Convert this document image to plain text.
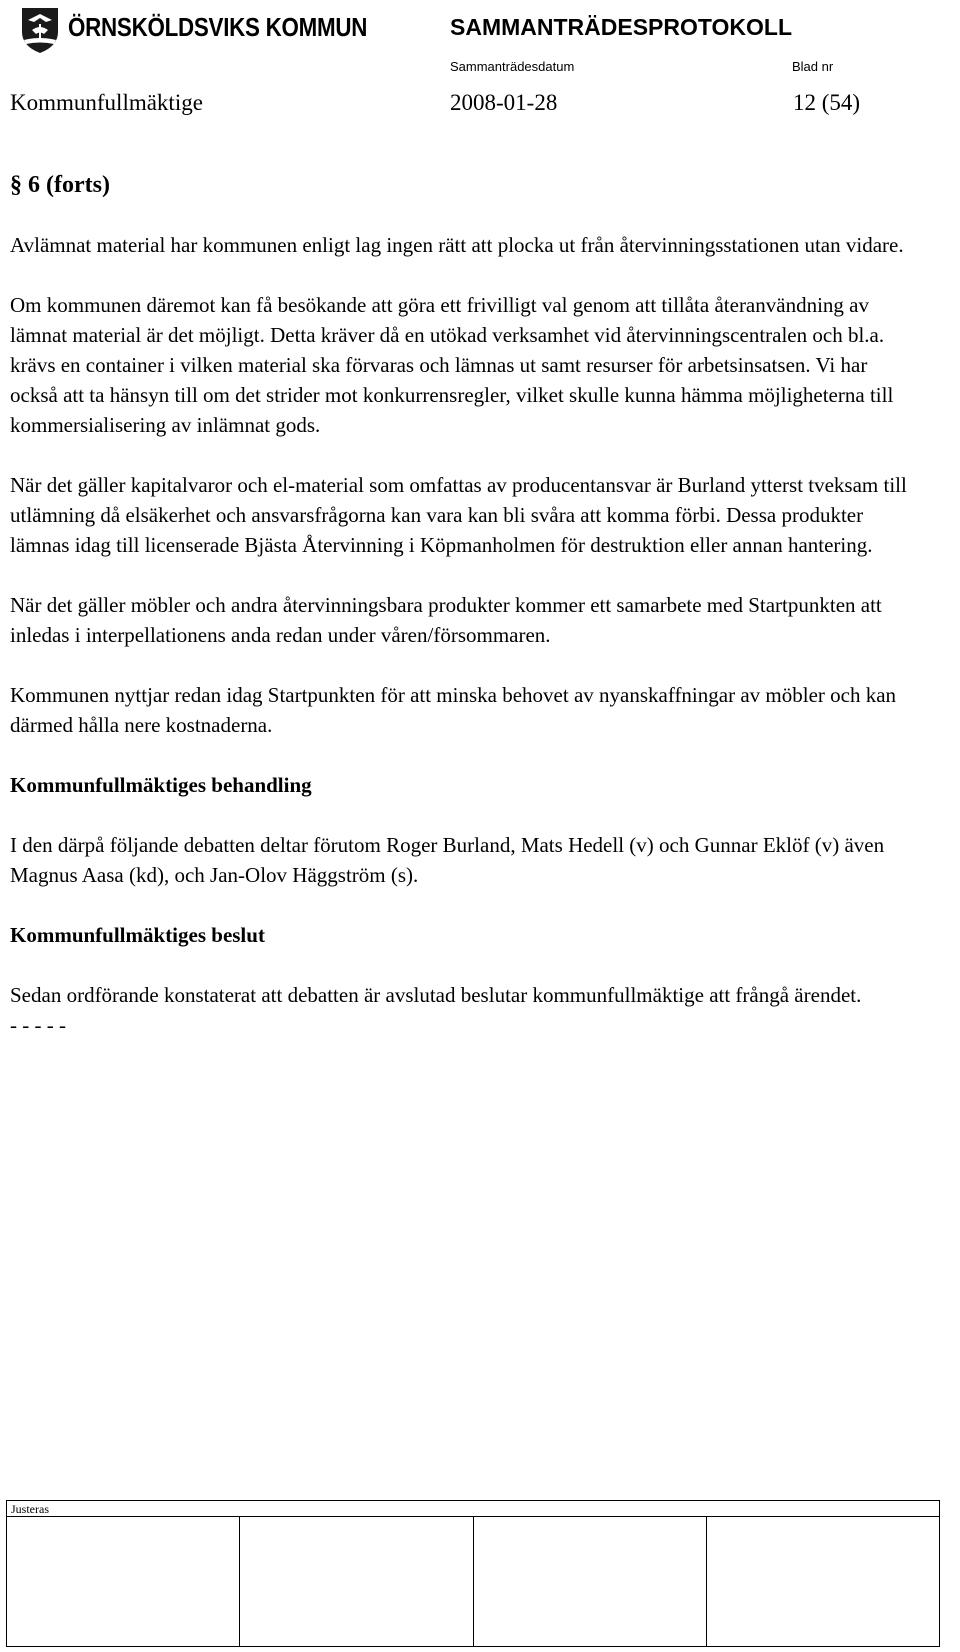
ÖRNSKÖLDSVIKS KOMMUN	SAMMANTRÄDESPROTOKOLL
Sammanträdesdatum	Blad nr
Kommunfullmäktige	2008-01-28	12 (54)
§ 6 (forts)

Avlämnat material har kommunen enligt lag ingen rätt att plocka ut från återvinningsstationen utan vidare.

Om kommunen däremot kan få besökande att göra ett frivilligt val genom att tillåta återanvändning av lämnat material är det möjligt. Detta kräver då en utökad verksamhet vid återvinningscentralen och bl.a. krävs en container i vilken material ska förvaras och lämnas ut samt resurser för arbetsinsatsen. Vi har också att ta hänsyn till om det strider mot konkurrensregler, vilket skulle kunna hämma möjligheterna till kommersialisering av inlämnat gods.

När det gäller kapitalvaror och el-material som omfattas av producentansvar är Burland ytterst tveksam till utlämning då elsäkerhet och ansvarsfrågorna kan vara kan bli svåra att komma förbi. Dessa produkter lämnas idag till licenserade Bjästa Återvinning i Köpmanholmen för destruktion eller annan hantering.

När det gäller möbler och andra återvinningsbara produkter kommer ett samarbete med Startpunkten att inledas i interpellationens anda redan under våren/försommaren.

Kommunen nyttjar redan idag Startpunkten för att minska behovet av nyanskaffningar av möbler och kan därmed hålla nere kostnaderna.

Kommunfullmäktiges behandling

I den därpå följande debatten deltar förutom Roger Burland, Mats Hedell (v) och Gunnar Eklöf (v) även Magnus Aasa (kd), och Jan-Olov Häggström (s).

Kommunfullmäktiges beslut

Sedan ordförande konstaterat att debatten är avslutad beslutar kommunfullmäktige att frångå ärendet.

- - - - -

Justeras
